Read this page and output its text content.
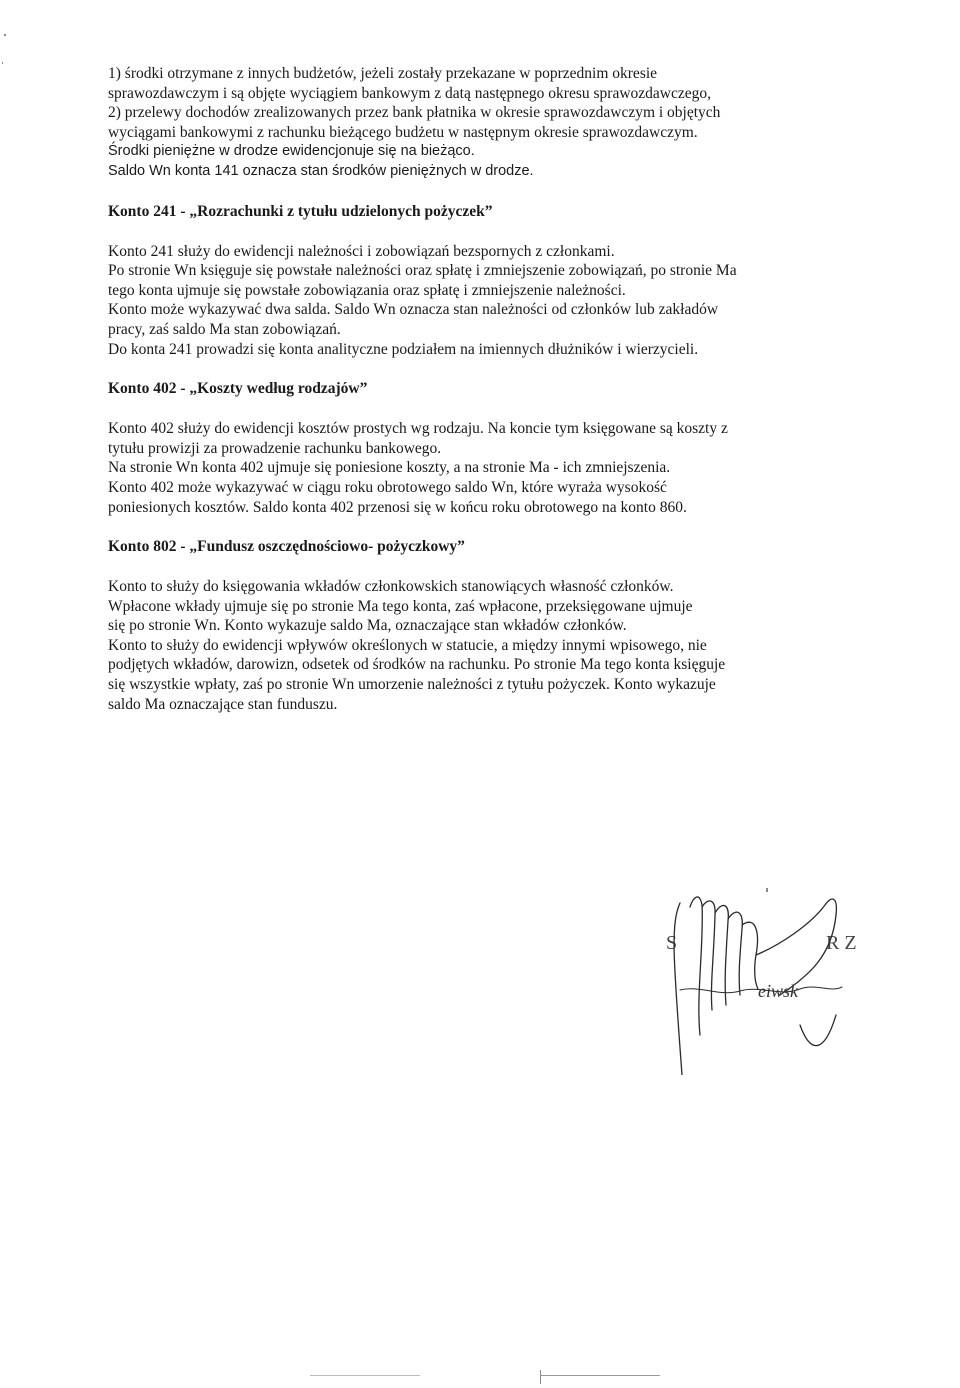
1) środki otrzymane z innych budżetów, jeżeli zostały przekazane w poprzednim okresie
sprawozdawczym i są objęte wyciągiem bankowym z datą następnego okresu sprawozdawczego,
2) przelewy dochodów zrealizowanych przez bank płatnika w okresie sprawozdawczym i objętych
wyciągami bankowymi z rachunku bieżącego budżetu w następnym okresie sprawozdawczym.
Środki pieniężne w drodze ewidencjonuje się na bieżąco.
Saldo Wn konta 141 oznacza stan środków pieniężnych w drodze.
Konto 241 - „Rozrachunki z tytułu udzielonych pożyczek”
Konto 241 służy do ewidencji należności i zobowiązań bezspornych z członkami.
Po stronie Wn księguje się powstałe należności oraz spłatę i zmniejszenie zobowiązań, po stronie Ma
tego konta ujmuje się powstałe zobowiązania oraz spłatę i zmniejszenie należności.
Konto może wykazywać dwa salda. Saldo Wn oznacza stan należności od członków lub zakładów
pracy, zaś saldo Ma stan zobowiązań.
Do konta 241 prowadzi się konta analityczne podziałem na imiennych dłużników i wierzycieli.
Konto 402 - „Koszty według rodzajów”
Konto 402 służy do ewidencji kosztów prostych wg rodzaju. Na koncie tym księgowane są koszty z
tytułu prowizji za prowadzenie rachunku bankowego.
Na stronie Wn konta 402 ujmuje się poniesione koszty, a na stronie Ma - ich zmniejszenia.
Konto 402 może wykazywać w ciągu roku obrotowego saldo Wn, które wyraża wysokość
poniesionych kosztów. Saldo konta 402 przenosi się w końcu roku obrotowego na konto 860.
Konto 802 - „Fundusz oszczędnościowo- pożyczkowy”
Konto to służy do księgowania wkładów członkowskich stanowiących własność członków.
Wpłacone wkłady ujmuje się po stronie Ma tego konta, zaś wpłacone, przeksięgowane ujmuje
się po stronie Wn. Konto wykazuje saldo Ma, oznaczające stan wkładów członków.
Konto to służy do ewidencji wpływów określonych w statucie, a między innymi wpisowego, nie
podjętych wkładów, darowizn, odsetek od środków na rachunku. Po stronie Ma tego konta księguje
się wszystkie wpłaty, zaś po stronie Wn umorzenie należności z tytułu pożyczek. Konto wykazuje
saldo Ma oznaczające stan funduszu.
S	R Z
eiwsk
